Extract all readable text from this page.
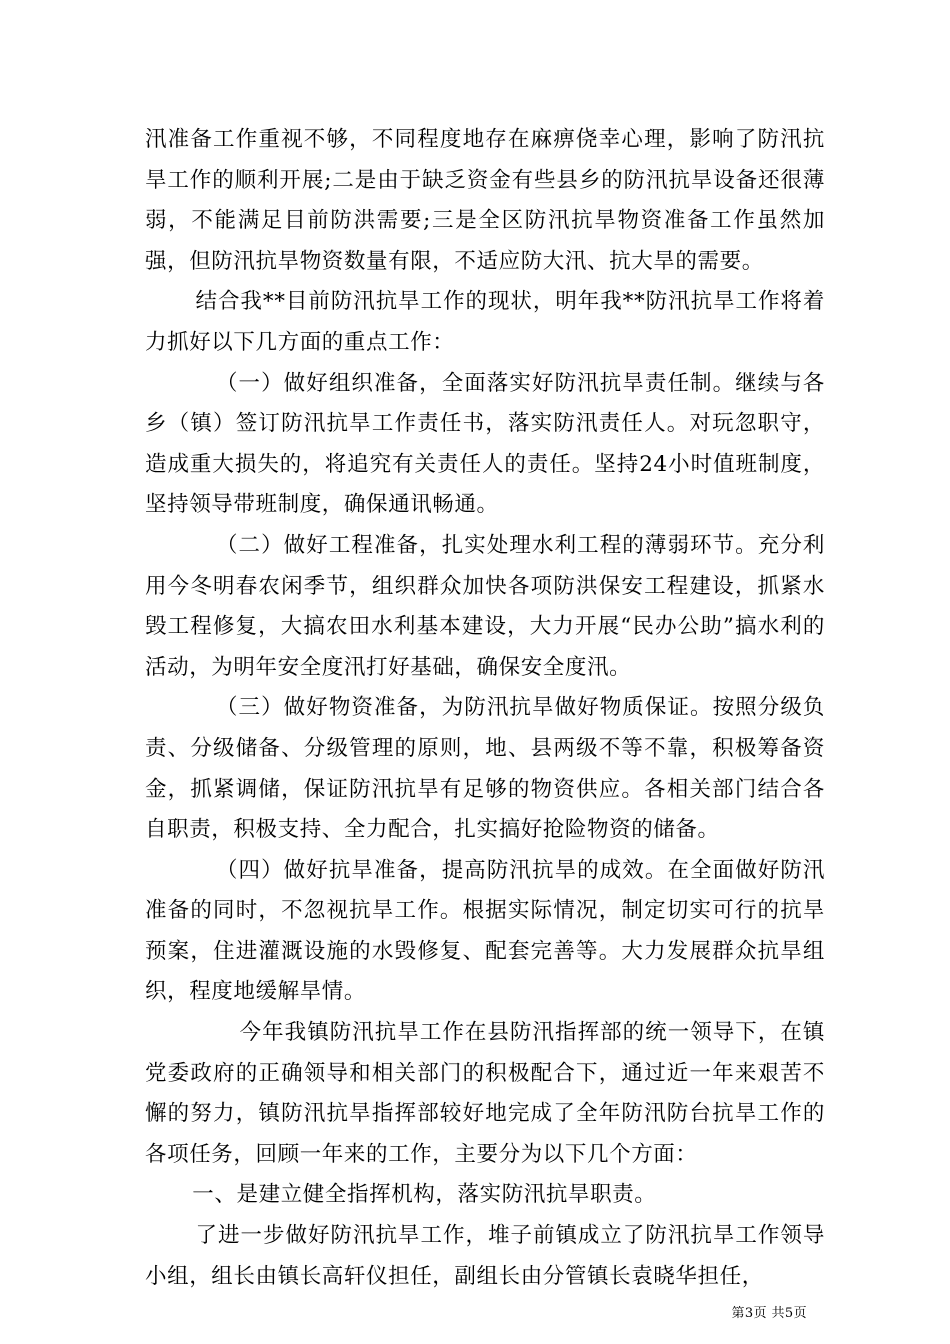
汛准备工作重视不够，不同程度地存在麻痹侥幸心理，影响了防汛抗旱工作的顺利开展;二是由于缺乏资金有些县乡的防汛抗旱设备还很薄弱，不能满足目前防洪需要;三是全区防汛抗旱物资准备工作虽然加强，但防汛抗旱物资数量有限，不适应防大汛、抗大旱的需要。

结合我**目前防汛抗旱工作的现状，明年我**防汛抗旱工作将着力抓好以下几方面的重点工作：

（一）做好组织准备，全面落实好防汛抗旱责任制。继续与各乡（镇）签订防汛抗旱工作责任书，落实防汛责任人。对玩忽职守，造成重大损失的，将追究有关责任人的责任。坚持24小时值班制度，坚持领导带班制度，确保通讯畅通。

（二）做好工程准备，扎实处理水利工程的薄弱环节。充分利用今冬明春农闲季节，组织群众加快各项防洪保安工程建设，抓紧水毁工程修复，大搞农田水利基本建设，大力开展“民办公助”搞水利的活动，为明年安全度汛打好基础，确保安全度汛。

（三）做好物资准备，为防汛抗旱做好物质保证。按照分级负责、分级储备、分级管理的原则，地、县两级不等不靠，积极筹备资金，抓紧调储，保证防汛抗旱有足够的物资供应。各相关部门结合各自职责，积极支持、全力配合，扎实搞好抢险物资的储备。

（四）做好抗旱准备，提高防汛抗旱的成效。在全面做好防汛准备的同时，不忽视抗旱工作。根据实际情况，制定切实可行的抗旱预案，住进灌溉设施的水毁修复、配套完善等。大力发展群众抗旱组织，程度地缓解旱情。

今年我镇防汛抗旱工作在县防汛指挥部的统一领导下，在镇党委政府的正确领导和相关部门的积极配合下，通过近一年来艰苦不懈的努力，镇防汛抗旱指挥部较好地完成了全年防汛防台抗旱工作的各项任务，回顾一年来的工作，主要分为以下几个方面：

一、是建立健全指挥机构，落实防汛抗旱职责。

了进一步做好防汛抗旱工作，堆子前镇成立了防汛抗旱工作领导小组，组长由镇长高轩仪担任，副组长由分管镇长袁晓华担任，

第3页 共5页
